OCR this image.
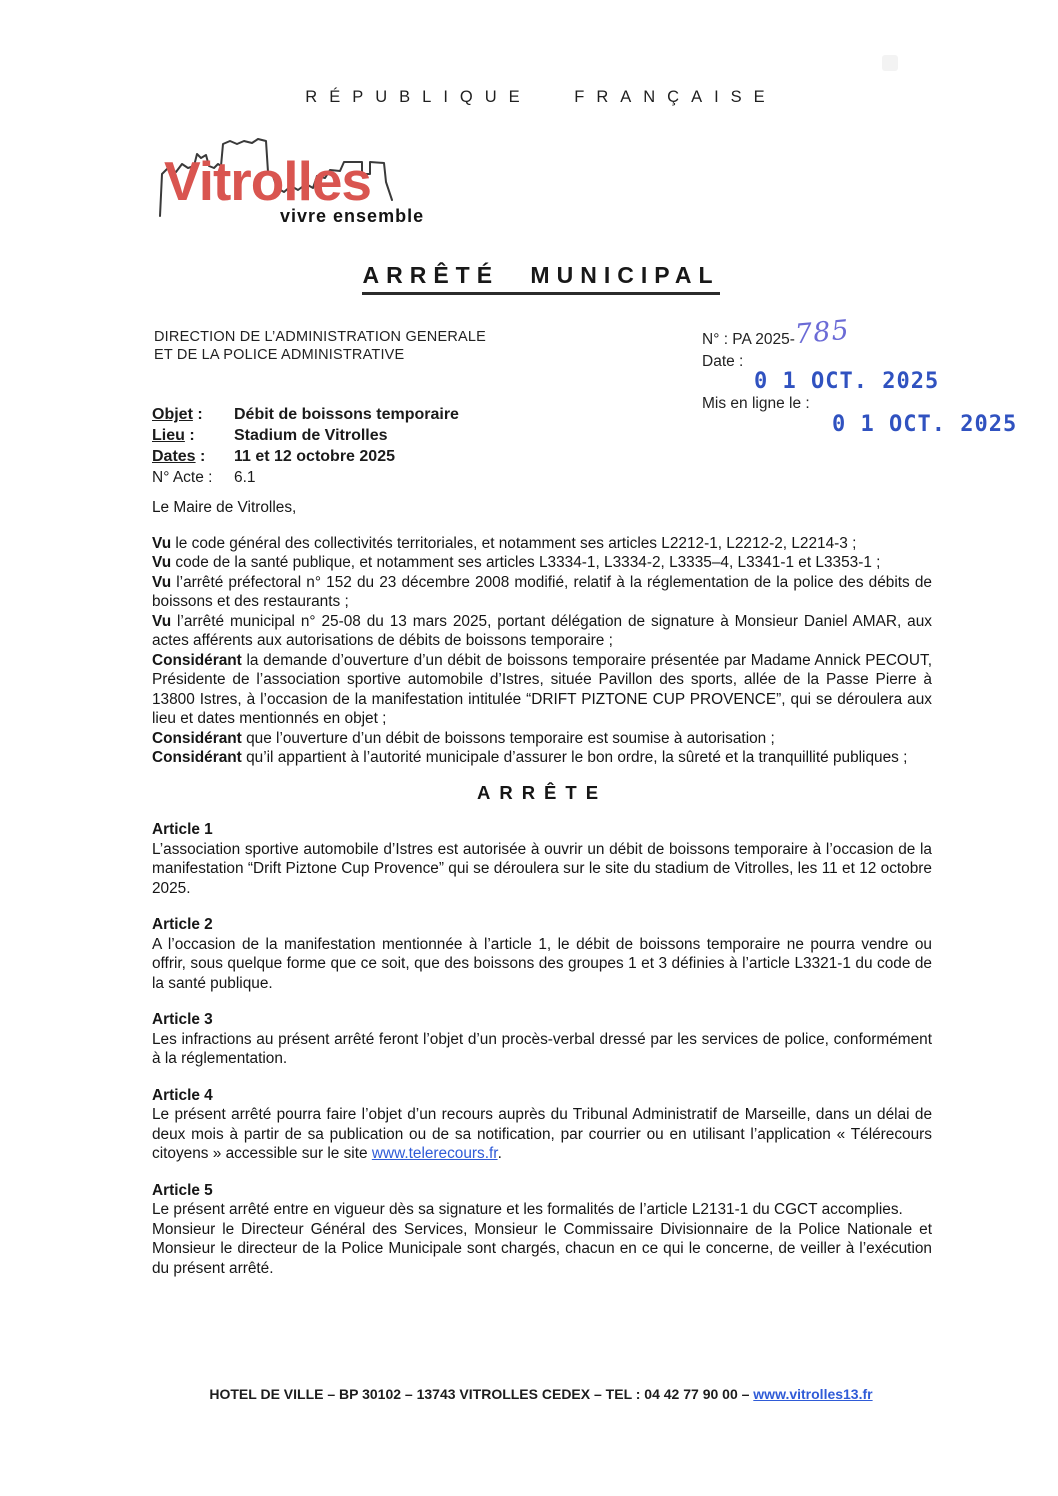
RÉPUBLIQUE FRANÇAISE
Vitrolles
vivre ensemble
ARRÊTÉ MUNICIPAL
DIRECTION DE L’ADMINISTRATION GENERALE
ET DE LA POLICE ADMINISTRATIVE
N° : PA 2025-785
Date :
0 1 OCT. 2025
Mis en ligne le :
0 1 OCT. 2025
Objet :	Débit de boissons temporaire
Lieu :	Stadium de Vitrolles
Dates :	11 et 12 octobre 2025
N° Acte :	6.1

Le Maire de Vitrolles,

Vu le code général des collectivités territoriales, et notamment ses articles L2212-1, L2212-2, L2214-3 ;

Vu code de la santé publique, et notamment ses articles L3334-1, L3334-2, L3335–4, L3341-1 et L3353-1 ;

Vu l’arrêté préfectoral n° 152 du 23 décembre 2008 modifié, relatif à la réglementation de la police des débits de boissons et des restaurants ;

Vu l’arrêté municipal n° 25-08 du 13 mars 2025, portant délégation de signature à Monsieur Daniel AMAR, aux actes afférents aux autorisations de débits de boissons temporaire ;

Considérant la demande d’ouverture d’un débit de boissons temporaire présentée par Madame Annick PECOUT, Présidente de l’association sportive automobile d’Istres, située Pavillon des sports, allée de la Passe Pierre à 13800 Istres, à l’occasion de la manifestation intitulée “DRIFT PIZTONE CUP PROVENCE”, qui se déroulera aux lieu et dates mentionnés en objet ;

Considérant que l’ouverture d’un débit de boissons temporaire est soumise à autorisation ;

Considérant qu’il appartient à l’autorité municipale d’assurer le bon ordre, la sûreté et la tranquillité publiques ;

ARRÊTE
Article 1

L’association sportive automobile d’Istres est autorisée à ouvrir un débit de boissons temporaire à l’occasion de la manifestation “Drift Piztone Cup Provence” qui se déroulera sur le site du stadium de Vitrolles, les 11 et 12 octobre 2025.

Article 2

A l’occasion de la manifestation mentionnée à l’article 1, le débit de boissons temporaire ne pourra vendre ou offrir, sous quelque forme que ce soit, que des boissons des groupes 1 et 3 définies à l’article L3321-1 du code de la santé publique.

Article 3

Les infractions au présent arrêté feront l’objet d’un procès-verbal dressé par les services de police, conformément à la réglementation.

Article 4

Le présent arrêté pourra faire l’objet d’un recours auprès du Tribunal Administratif de Marseille, dans un délai de deux mois à partir de sa publication ou de sa notification, par courrier ou en utilisant l’application « Télérecours citoyens » accessible sur le site www.telerecours.fr.

Article 5

Le présent arrêté entre en vigueur dès sa signature et les formalités de l’article L2131-1 du CGCT accomplies.

Monsieur le Directeur Général des Services, Monsieur le Commissaire Divisionnaire de la Police Nationale et Monsieur le directeur de la Police Municipale sont chargés, chacun en ce qui le concerne, de veiller à l’exécution du présent arrêté.

HOTEL DE VILLE – BP 30102 – 13743 VITROLLES CEDEX – TEL : 04 42 77 90 00 – www.vitrolles13.fr
